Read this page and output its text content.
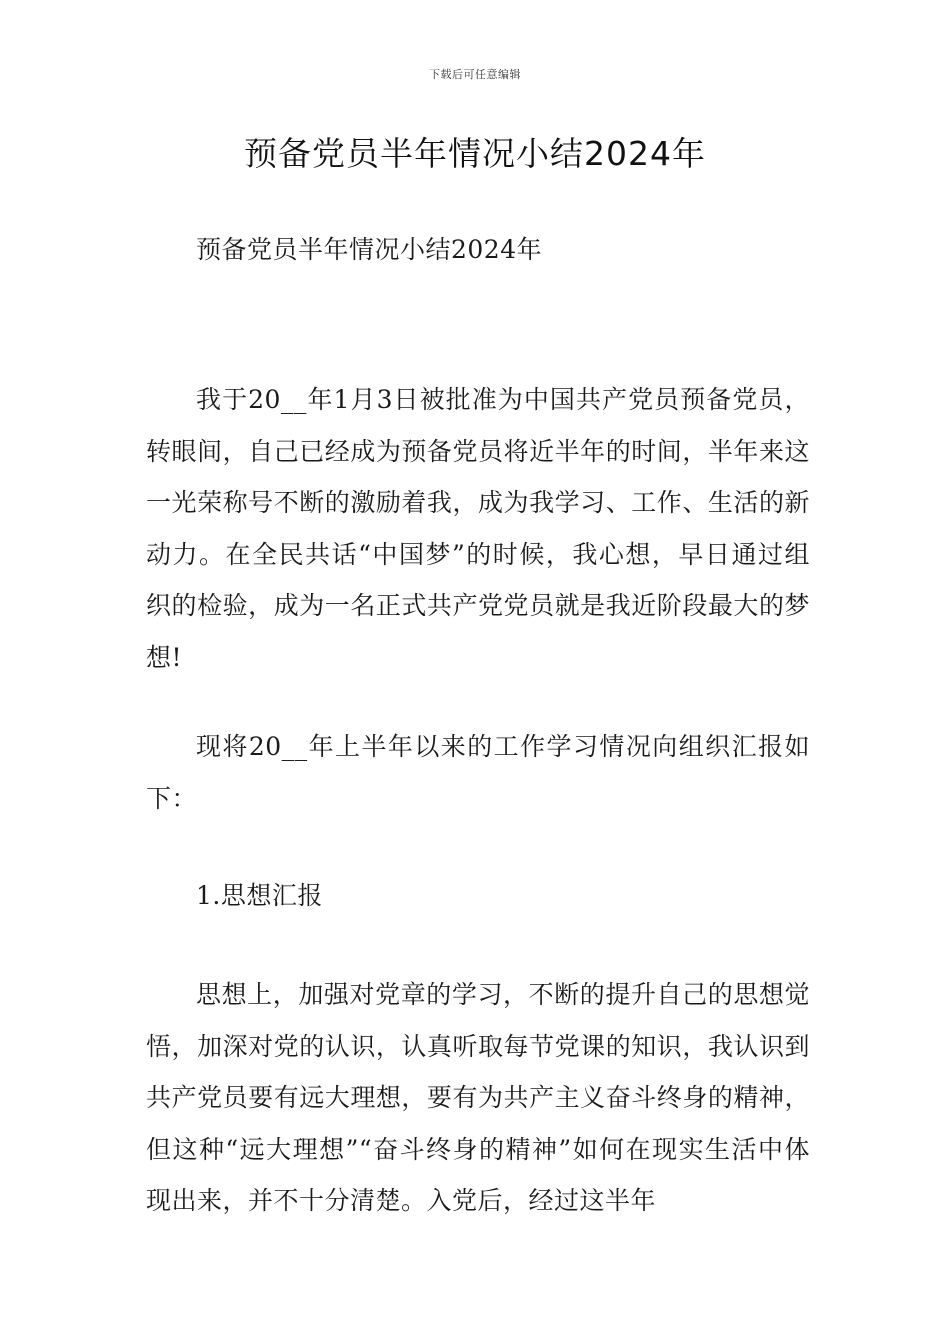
下载后可任意编辑
预备党员半年情况小结2024年

预备党员半年情况小结2024年

我于20__年1月3日被批准为中国共产党员预备党员，转眼间，自己已经成为预备党员将近半年的时间，半年来这一光荣称号不断的激励着我，成为我学习、工作、生活的新动力。在全民共话“中国梦”的时候，我心想，早日通过组织的检验，成为一名正式共产党党员就是我近阶段最大的梦想!

现将20__年上半年以来的工作学习情况向组织汇报如下：

1.思想汇报

思想上，加强对党章的学习，不断的提升自己的思想觉悟，加深对党的认识，认真听取每节党课的知识，我认识到共产党员要有远大理想，要有为共产主义奋斗终身的精神，但这种“远大理想”“奋斗终身的精神”如何在现实生活中体现出来，并不十分清楚。入党后，经过这半年
